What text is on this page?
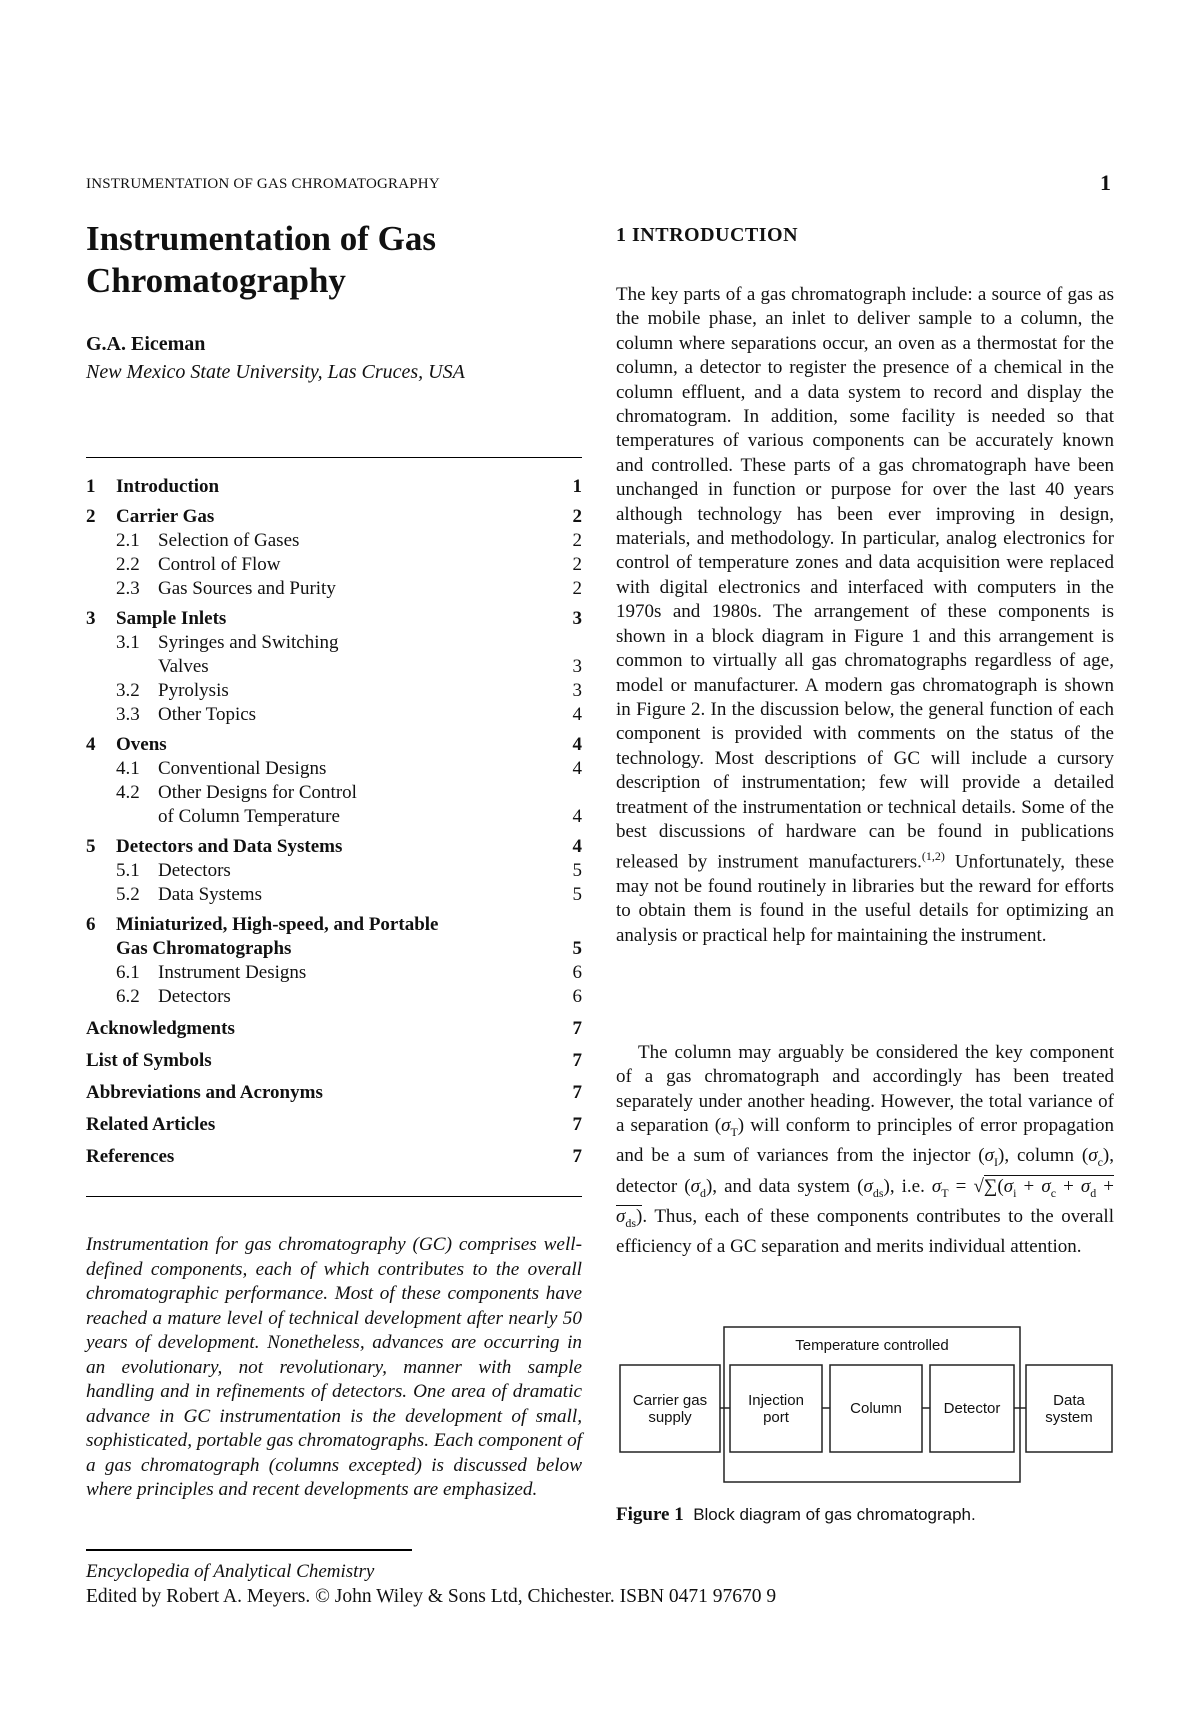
INSTRUMENTATION OF GAS CHROMATOGRAPHY	1
Instrumentation of Gas Chromatography
G.A. Eiceman
New Mexico State University, Las Cruces, USA
1 Introduction	1
2 Carrier Gas	2
2.1 Selection of Gases	2
2.2 Control of Flow	2
2.3 Gas Sources and Purity	2
3 Sample Inlets	3
3.1 Syringes and Switching
Valves	3
3.2 Pyrolysis	3
3.3 Other Topics	4
4 Ovens	4
4.1 Conventional Designs	4
4.2 Other Designs for Control
of Column Temperature	4
5 Detectors and Data Systems	4
5.1 Detectors	5
5.2 Data Systems	5
6 Miniaturized, High-speed, and Portable
Gas Chromatographs	5
6.1 Instrument Designs	6
6.2 Detectors	6
Acknowledgments	7
List of Symbols	7
Abbreviations and Acronyms	7
Related Articles	7
References	7
Instrumentation for gas chromatography (GC) comprises well-defined components, each of which contributes to the overall chromatographic performance. Most of these components have reached a mature level of technical development after nearly 50 years of development. Nonetheless, advances are occurring in an evolutionary, not revolutionary, manner with sample handling and in refinements of detectors. One area of dramatic advance in GC instrumentation is the development of small, sophisticated, portable gas chromatographs. Each component of a gas chromatograph (columns excepted) is discussed below where principles and recent developments are emphasized.
Encyclopedia of Analytical Chemistry
Edited by Robert A. Meyers. © John Wiley & Sons Ltd, Chichester. ISBN 0471 97670 9
1 INTRODUCTION
The key parts of a gas chromatograph include: a source of gas as the mobile phase, an inlet to deliver sample to a column, the column where separations occur, an oven as a thermostat for the column, a detector to register the presence of a chemical in the column effluent, and a data system to record and display the chromatogram. In addition, some facility is needed so that temperatures of various components can be accurately known and controlled. These parts of a gas chromatograph have been unchanged in function or purpose for over the last 40 years although technology has been ever improving in design, materials, and methodology. In particular, analog electronics for control of temperature zones and data acquisition were replaced with digital electronics and interfaced with computers in the 1970s and 1980s. The arrangement of these components is shown in a block diagram in Figure 1 and this arrangement is common to virtually all gas chromatographs regardless of age, model or manufacturer. A modern gas chromatograph is shown in Figure 2. In the discussion below, the general function of each component is provided with comments on the status of the technology. Most descriptions of GC will include a cursory description of instrumentation; few will provide a detailed treatment of the instrumentation or technical details. Some of the best discussions of hardware can be found in publications released by instrument manufacturers.$^{(1,2)}$ Unfortunately, these may not be found routinely in libraries but the reward for efforts to obtain them is found in the useful details for optimizing an analysis or practical help for maintaining the instrument.
The column may arguably be considered the key component of a gas chromatograph and accordingly has been treated separately under another heading. However, the total variance of a separation $(\sigma_T)$ will conform to principles of error propagation and be a sum of variances from the injector $(\sigma_I)$, column $(\sigma_c)$, detector $(\sigma_d)$, and data system $(\sigma_{ds})$, i.e. $\sigma_T = √\sum(\sigma_i + \sigma_c + \sigma_d + \sigma_{ds})$. Thus, each of these components contributes to the overall efficiency of a GC separation and merits individual attention.
Temperature controlled
Carrier gas
supply
Injection
port
Column	Detector	Data
system
Figure 1 Block diagram of gas chromatograph.
